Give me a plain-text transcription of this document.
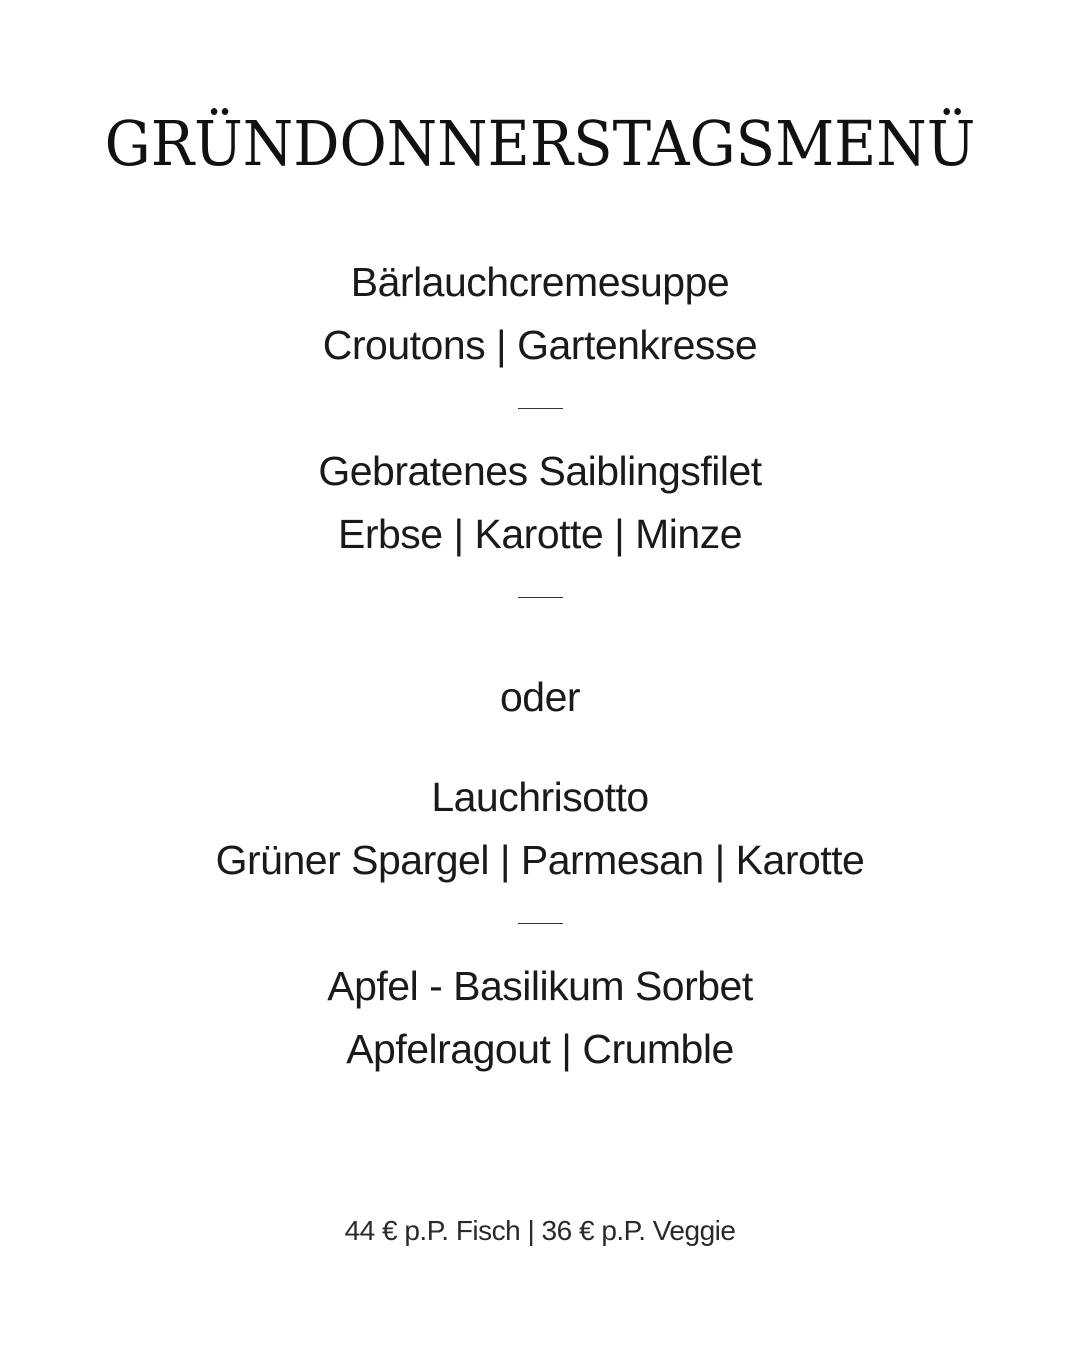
GRÜNDONNERSTAGSMENÜ
Bärlauchcremesuppe
Croutons | Gartenkresse
Gebratenes Saiblingsfilet
Erbse | Karotte | Minze
oder
Lauchrisotto
Grüner Spargel | Parmesan | Karotte
Apfel - Basilikum Sorbet
Apfelragout | Crumble
44 € p.P. Fisch | 36 € p.P. Veggie
